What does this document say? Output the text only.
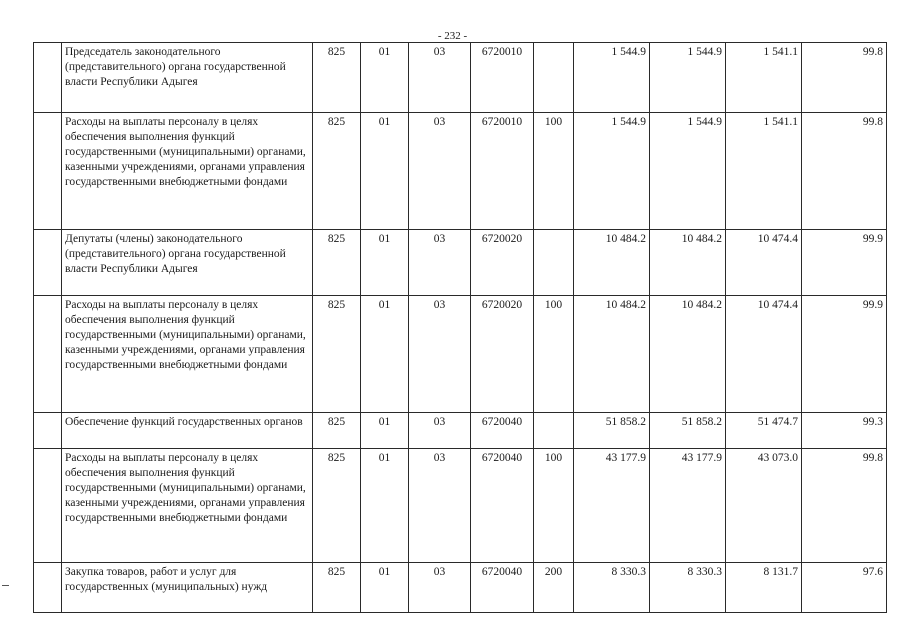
- 232 -
	Председатель законодательного (представительного) органа государственной власти Республики Адыгея	825	01	03	6720010		1 544.9	1 544.9	1 541.1	99.8
	Расходы на выплаты персоналу в целях обеспечения выполнения функций государственными (муниципальными) органами, казенными учреждениями, органами управления государственными внебюджетными фондами	825	01	03	6720010	100	1 544.9	1 544.9	1 541.1	99.8
	Депутаты (члены) законодательного (представительного) органа государственной власти Республики Адыгея	825	01	03	6720020		10 484.2	10 484.2	10 474.4	99.9
	Расходы на выплаты персоналу в целях обеспечения выполнения функций государственными (муниципальными) органами, казенными учреждениями, органами управления государственными внебюджетными фондами	825	01	03	6720020	100	10 484.2	10 484.2	10 474.4	99.9
	Обеспечение функций государственных органов	825	01	03	6720040		51 858.2	51 858.2	51 474.7	99.3
	Расходы на выплаты персоналу в целях обеспечения выполнения функций государственными (муниципальными) органами, казенными учреждениями, органами управления государственными внебюджетными фондами	825	01	03	6720040	100	43 177.9	43 177.9	43 073.0	99.8
	Закупка товаров, работ и услуг для государственных (муниципальных) нужд	825	01	03	6720040	200	8 330.3	8 330.3	8 131.7	97.6
